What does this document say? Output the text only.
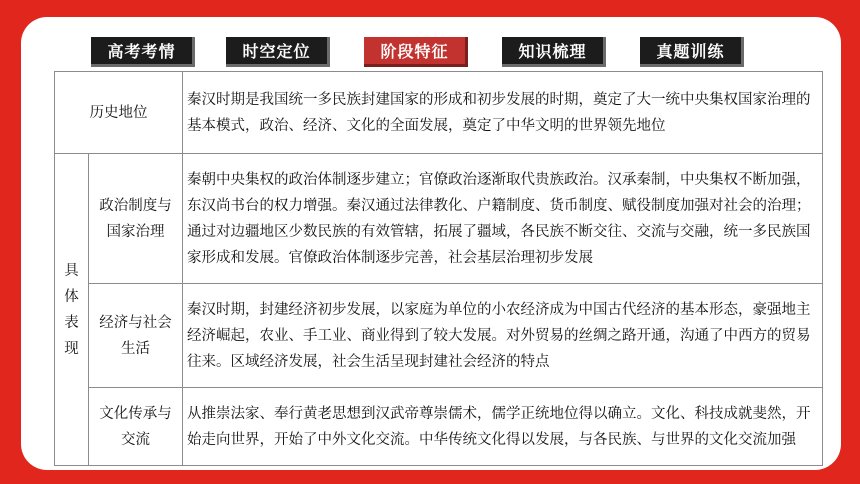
高考考情	时空定位	阶段特征	知识梳理	真题训练
历史地位		秦汉时期是我国统一多民族封建国家的形成和初步发展的时期，奠定了大一统中央集权国家治理的基本模式，政治、经济、文化的全面发展，奠定了中华文明的世界领先地位

具
体
表
现	政治制度与国家治理	秦朝中央集权的政治体制逐步建立；官僚政治逐渐取代贵族政治。汉承秦制，中央集权不断加强，东汉尚书台的权力增强。秦汉通过法律教化、户籍制度、货币制度、赋役制度加强对社会的治理；通过对边疆地区少数民族的有效管辖，拓展了疆域，各民族不断交往、交流与交融，统一多民族国家形成和发展。官僚政治体制逐步完善，社会基层治理初步发展
	经济与社会生活	秦汉时期，封建经济初步发展，以家庭为单位的小农经济成为中国古代经济的基本形态，豪强地主经济崛起，农业、手工业、商业得到了较大发展。对外贸易的丝绸之路开通，沟通了中西方的贸易往来。区域经济发展，社会生活呈现封建社会经济的特点
	文化传承与交流	从推崇法家、奉行黄老思想到汉武帝尊崇儒术，儒学正统地位得以确立。文化、科技成就斐然，开始走向世界，开始了中外文化交流。中华传统文化得以发展，与各民族、与世界的文化交流加强
